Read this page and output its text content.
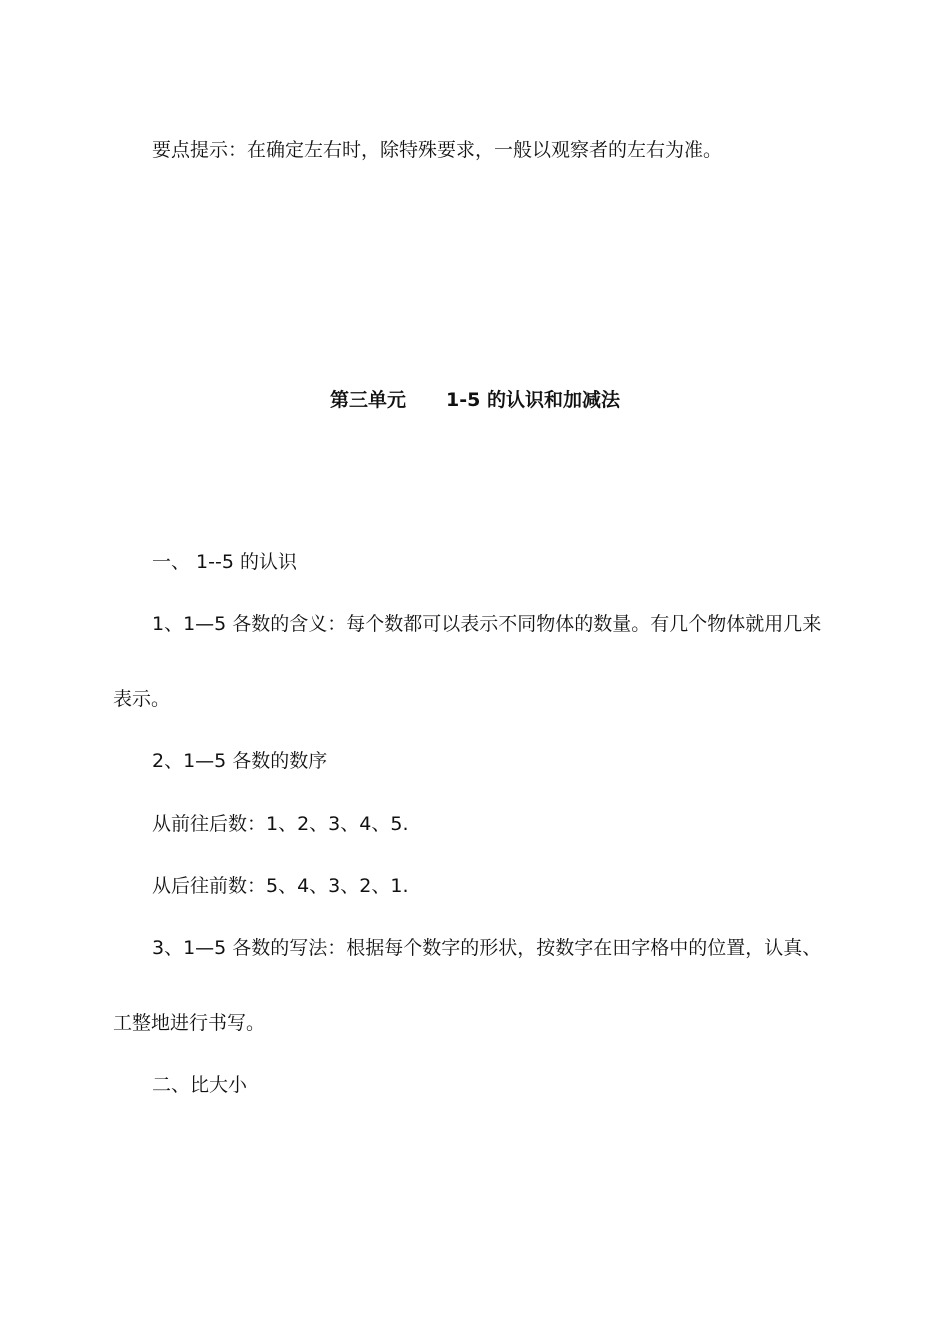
要点提示：在确定左右时，除特殊要求，一般以观察者的左右为准。
第三单元 1-5 的认识和加减法
一、 1--5 的认识
1、1—5 各数的含义：每个数都可以表示不同物体的数量。有几个物体就用几来
表示。
2、1—5 各数的数序
从前往后数：1、2、3、4、5.
从后往前数：5、4、3、2、1.
3、1—5 各数的写法：根据每个数字的形状，按数字在田字格中的位置，认真、
工整地进行书写。
二、比大小
